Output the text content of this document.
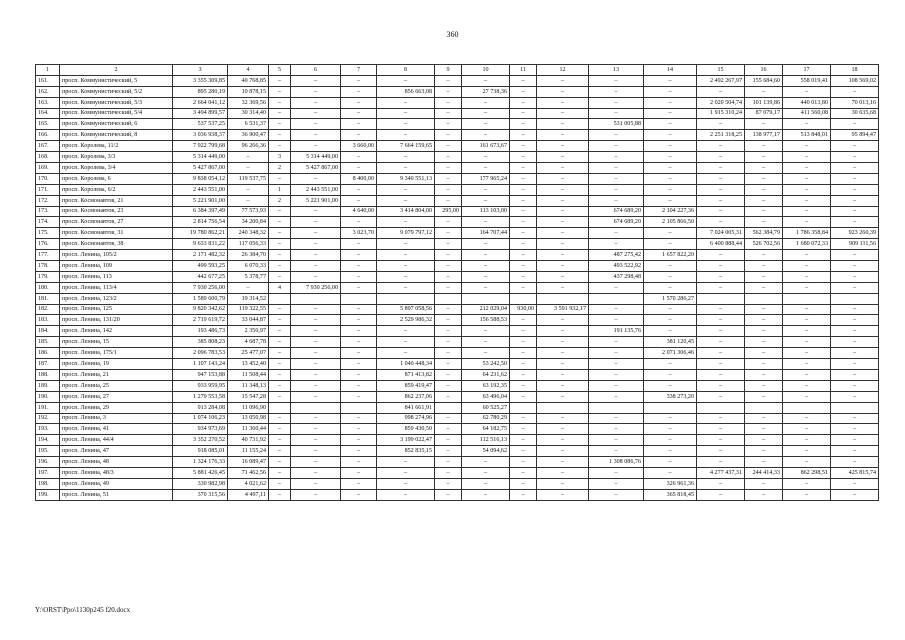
360
1	2	3	4	5	6	7	8	9	10	11	12	13	14	15	16	17	18
161.	просп. Коммунистический, 5	3 355 309,85	40 768,85	–	–	–	–	–	–	–	–	–	–	2 492 267,97	155 684,60	558 019,41	108 569,02
162.	просп. Коммунистический, 5/2	895 280,19	10 878,15	–	–	–	856 663,08	–	27 738,36	–	–	–	–	–	–	–	–
163.	просп. Коммунистический, 5/3	2 664 041,12	32 369,56	–	–	–	–	–	–	–	–	–	–	2 020 504,74	101 139,86	440 013,80	70 013,16
164.	просп. Коммунистический, 5/4	3 494 899,57	30 314,40	–	–	–	–	–	–	–	–	–	–	1 915 310,24	87 079,17	411 560,08	30 635,68
165.	просп. Коммунистический, 6	537 537,25	6 531,37	–	–	–	–	–	–	–	–	531 005,88	–	–	–	–	–
166.	просп. Коммунистический, 8	3 036 938,37	36 900,47	–	–	–	–	–	–	–	–	–	–	2 251 318,25	138 977,17	513 848,01	95 894,47
167.	просп. Королева, 11/2	7 922 799,68	96 266,36	–	–	3 660,00	7 664 159,65	–	161 673,67	–	–	–	–	–	–	–	–
168.	просп. Королева, 3/3	5 314 449,00	–	3	5 314 449,00	–	–	–	–	–	–	–	–	–	–	–	–
169.	просп. Королева, 3/4	5 427 867,00	–	2	5 427 867,00	–	–	–	–	–	–	–	–	–	–	–	–
170.	просп. Королева, 6	9 838 054,12	119 537,75	–	–	8 400,00	9 340 551,13	–	177 965,24	–	–	–	–	–	–	–	–
171.	просп. Королева, 6/2	2 443 551,00	–	1	2 443 551,00	–	–	–	–	–	–	–	–	–	–	–	–
172.	просп. Космонавтов, 21	5 221 901,00	–	2	5 221 901,00	–	–	–	–	–	–	–	–	–	–	–	–
173.	просп. Космонавтов, 23	6 384 397,49	77 573,93	–	–	4 640,00	3 414 804,00	295,00	113 103,00	–	–	674 689,20	2 104 227,36	–	–	–	–
174.	просп. Космонавтов, 27	2 814 756,54	34 200,84	–	–	–	–	–	–	–	–	674 689,20	2 105 866,50	–	–	–	–
175.	просп. Космонавтов, 31	19 780 862,21	240 348,32	–	–	3 023,70	9 079 797,12	–	164 707,44	–	–	–	–	7 024 005,31	562 384,79	1 786 358,84	923 260,39
176.	просп. Космонавтов, 38	9 633 831,22	117 056,33	–	–	–	–	–	–	–	–	–	–	6 400 888,44	526 702,56	1 680 072,33	909 111,56
177.	просп. Ленина, 105/2	2 171 482,32	26 384,70	–	–	–	–	–	–	–	–	487 275,42	1 657 822,20	–	–	–	–
178.	просп. Ленина, 109	499 593,25	6 070,33	–	–	–	–	–	–	–	–	493 522,92	–	–	–	–	–
179.	просп. Ленина, 113	442 677,25	5 378,77	–	–	–	–	–	–	–	–	437 298,48	–	–	–	–	–
180.	просп. Ленина, 113/4	7 930 256,00	–	4	7 930 256,00	–	–	–	–	–	–	–	–	–	–	–	–
181.	просп. Ленина, 123/2	1 589 600,79	19 314,52										1 570 286,27				
182.	просп. Ленина, 125	9 820 342,62	119 322,55	–	–	–	5 897 058,56	–	212 029,04	930,00	3 591 932,17	–	–	–	–	–	–
183.	просп. Ленина, 131/20	2 719 619,72	33 044,87	–	–	–	2 529 986,32	–	156 588,53	–	–	–	–	–	–	–	–
184.	просп. Ленина, 142	193 486,73	2 350,97	–	–	–	–	–	–	–	–	191 135,76	–	–	–	–	–
185.	просп. Ленина, 15	385 808,23	4 687,78	–	–	–	–	–	–	–	–	–	381 120,45	–	–	–	–
186.	просп. Ленина, 175/1	2 096 783,53	25 477,07	–	–	–	–	–	–	–	–	–	2 071 306,46	–	–	–	–
187.	просп. Ленина, 19	1 107 143,24	13 452,40	–	–	–	1 040 448,34	–	53 242,50	–	–	–	–	–	–	–	–
188.	просп. Ленина, 21	947 153,88	11 508,44	–	–	–	871 413,82	–	64 231,62	–	–	–	–	–	–	–	–
189.	просп. Ленина, 25	933 959,95	11 348,13	–	–	–	859 419,47	–	63 192,35	–	–	–	–	–	–	–	–
190.	просп. Ленина, 27	1 279 553,58	15 547,28	–	–	–	862 237,06	–	63 496,04	–	–	–	338 273,20	–	–	–	–
191.	просп. Ленина, 29	913 284,08	11 096,90				841 661,91		60 525,27								
192.	просп. Ленина, 3	1 074 106,23	13 050,98	–	–	–	998 274,96	–	62 780,29	–	–	–	–	–	–	–	–
193.	просп. Ленина, 41	934 973,69	11 360,44	–	–	–	859 430,50	–	64 182,75	–	–	–	–	–	–	–	–
194.	просп. Ленина, 44/4	3 352 270,52	40 731,92	–	–	–	3 199 022,47	–	112 516,13	–	–	–	–	–	–	–	–
195.	просп. Ленина, 47	918 085,01	11 155,24	–	–	–	852 835,15	–	54 094,62	–	–	–	–	–	–	–	–
196.	просп. Ленина, 48	1 324 176,33	16 089,47	–	–	–	–	–	–	–	–	1 308 086,76	–	–	–	–	–
197.	просп. Ленина, 48/3	5 881 426,45	71 462,56	–	–	–	–	–	–	–	–	–	–	4 277 437,31	244 414,33	862 298,51	425 815,74
198.	просп. Ленина, 49	330 982,98	4 021,62	–	–	–	–	–	–	–	–	–	326 961,36	–	–	–	–
199.	просп. Ленина, 51	370 315,56	4 497,11	–	–	–	–	–	–	–	–	–	365 818,45	–	–	–	–
Y:\ORST\Ppo\1130p245 f20.docx
